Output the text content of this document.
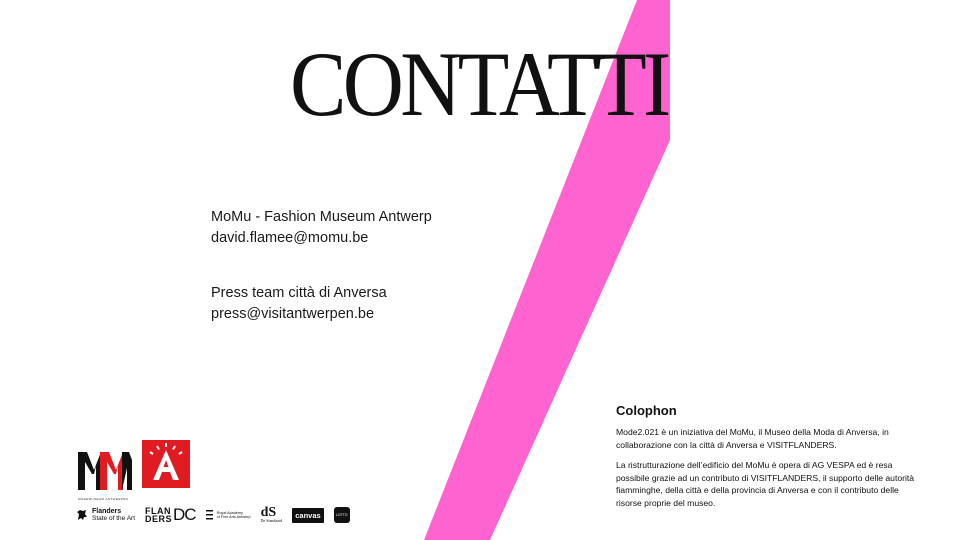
CONTATTI
MoMu - Fashion Museum Antwerp
david.flamee@momu.be
Press team città di Anversa
press@visitantwerpen.be
Colophon

Mode2.021 è un iniziativa del MoMu, il Museo della Moda di Anversa, in collaborazione con la città di Anversa e VISITFLANDERS.

La ristrutturazione dell’edificio del MoMu è opera di AG VESPA ed è resa possibile grazie ad un contributo di VISITFLANDERS, il supporto delle autorità fiamminghe, della città e della provincia di Anversa e con il contributo delle risorse proprie del museo.

MODEMUSEUM ANTWERPEN
Flanders
State of the Art
FLAN
DERS DC	Royal Academy
of Fine Arts Antwerp dS
De Standaard
canvas	LOTTO
